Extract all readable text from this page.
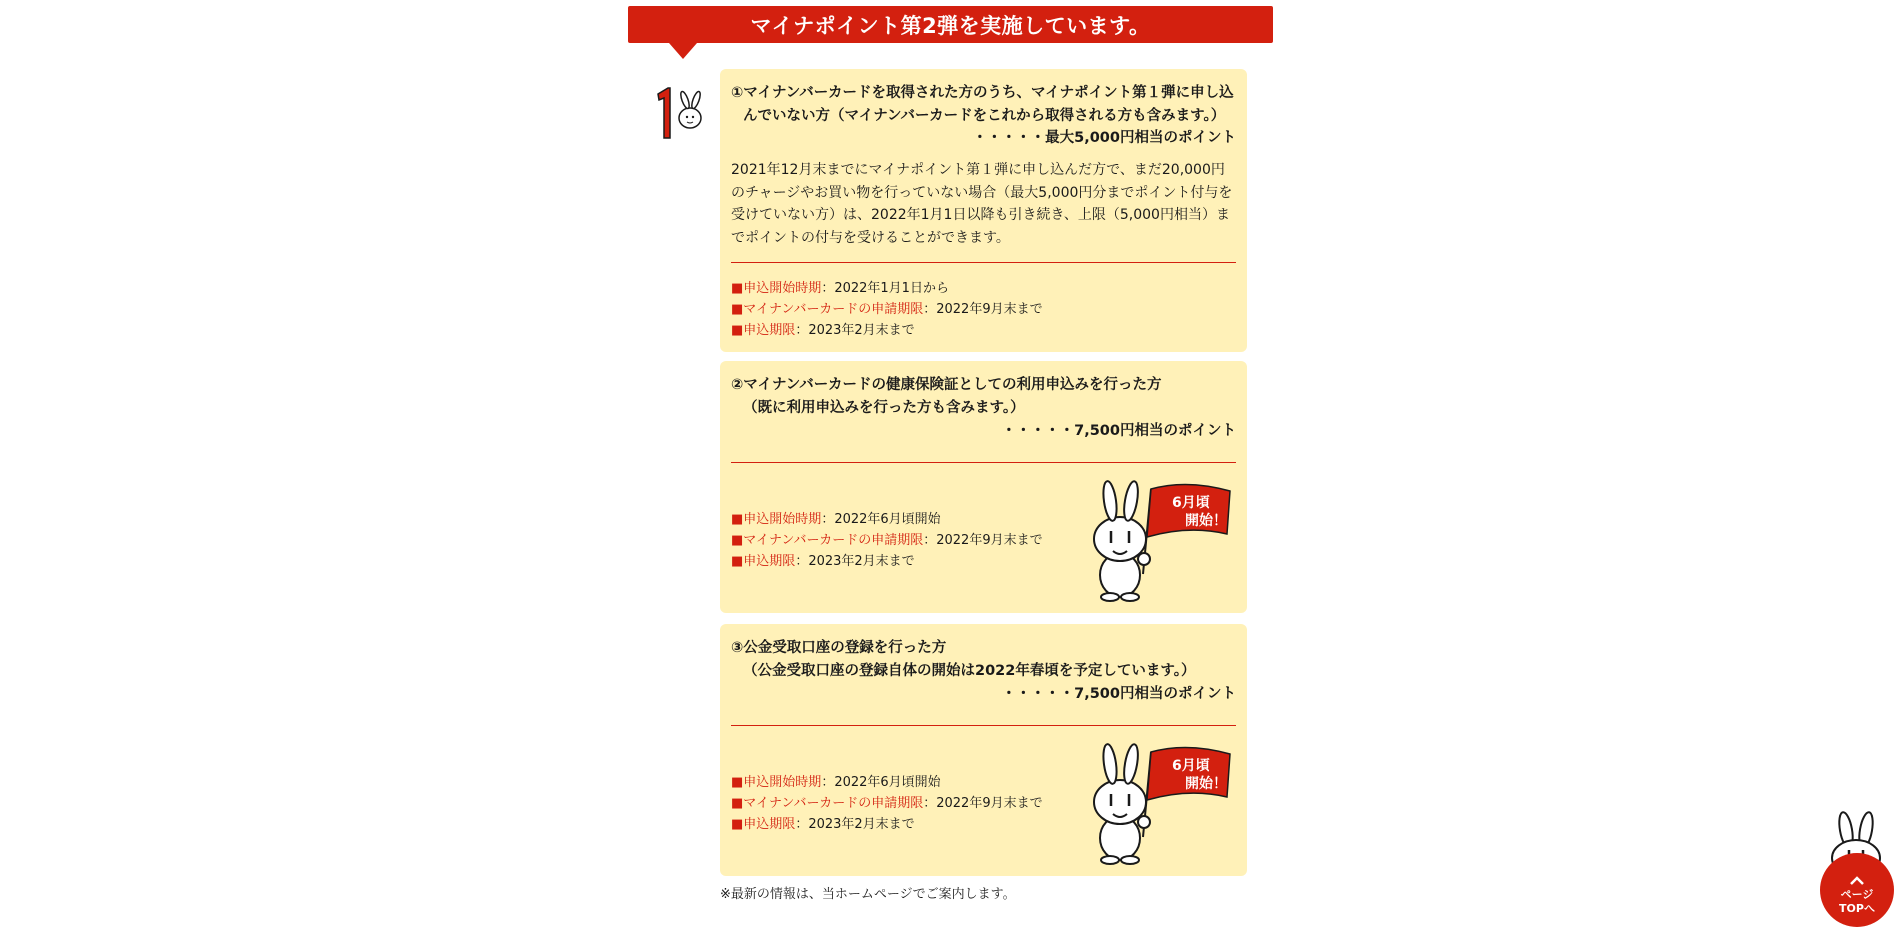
マイナポイント第2弾を実施しています。
①マイナンバーカードを取得された方のうち、マイナポイント第１弾に申し込んでいない方（マイナンバーカードをこれから取得される方も含みます。）
・・・・・最大5,000円相当のポイント
2021年12月末までにマイナポイント第１弾に申し込んだ方で、まだ20,000円のチャージやお買い物を行っていない場合（最大5,000円分までポイント付与を受けていない方）は、2022年1月1日以降も引き続き、上限（5,000円相当）までポイントの付与を受けることができます。
■申込開始時期：2022年1月1日から
■マイナンバーカードの申請期限：2022年9月末まで
■申込期限：2023年2月末まで
②マイナンバーカードの健康保険証としての利用申込みを行った方
（既に利用申込みを行った方も含みます。）
・・・・・7,500円相当のポイント
■申込開始時期：2022年6月頃開始
■マイナンバーカードの申請期限：2022年9月末まで
■申込期限：2023年2月末まで
6月頃
開始！
③公金受取口座の登録を行った方
（公金受取口座の登録自体の開始は2022年春頃を予定しています。）
・・・・・7,500円相当のポイント
■申込開始時期：2022年6月頃開始
■マイナンバーカードの申請期限：2022年9月末まで
■申込期限：2023年2月末まで
6月頃
開始！
※最新の情報は、当ホームページでご案内します。	ページ
TOPへ
